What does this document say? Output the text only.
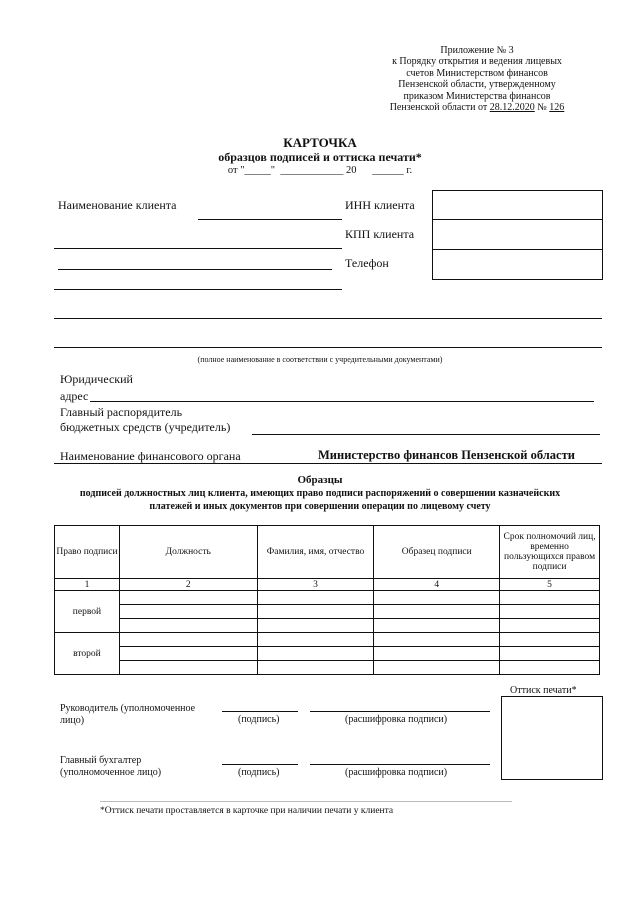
Приложение № 3
к Порядку открытия и ведения лицевых
счетов Министерством финансов
Пензенской области, утвержденному
приказом Министерства финансов
Пензенской области от 28.12.2020 № 126
КАРТОЧКА
образцов подписей и оттиска печати*
от "_____"  ____________ 20      ______ г.
Наименование клиента	ИНН клиента
КПП клиента
Телефон
(полное наименование в соответствии с учредительными документами)
Юридический
адрес
Главный распорядитель
бюджетных средств (учредитель)
Наименование финансового органа	Министерство финансов Пензенской области
Образцы
подписей должностных лиц клиента, имеющих право подписи распоряжений о совершении казначейских
платежей и иных документов при совершении операции по лицевому счету
Право подписи	Должность	Фамилия, имя, отчество	Образец подписи	Срок полномочий лиц, временно пользующихся правом подписи
1	2	3	4	5
первой				

второй				

Руководитель (уполномоченное
лицо)	(подпись)	(расшифровка подписи)
Главный бухгалтер
(уполномоченное лицо)	(подпись)	(расшифровка подписи)
Оттиск печати*
*Оттиск печати проставляется в карточке при наличии печати у клиента
